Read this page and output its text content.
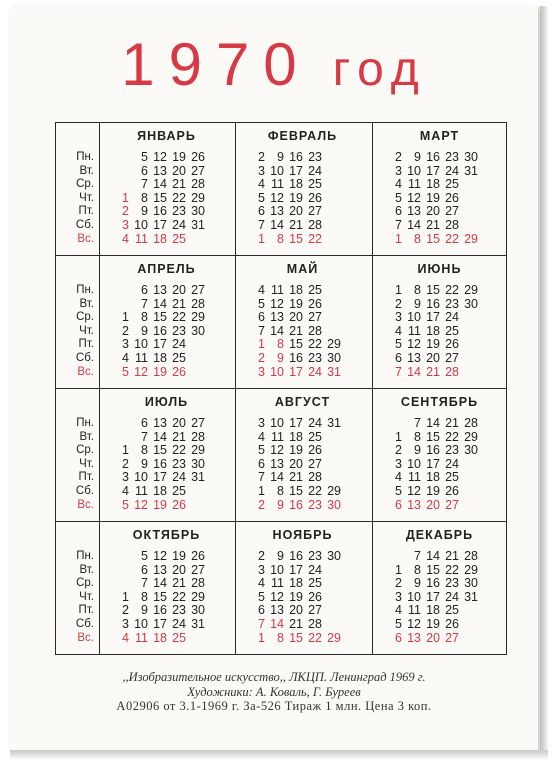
1970 год
Пн.
Вт.
Ср.
Чт.
Пт.
Сб.
Вс.
ЯНВАРЬ
5 12 19 26
6 13 20 27
7 14 21 28
1 8 15 22 29
2 9 16 23 30
3 10 17 24 31
4 11 18 25
ФЕВРАЛЬ
2 9 16 23
3 10 17 24
4 11 18 25
5 12 19 26
6 13 20 27
7 14 21 28
1 8 15 22
МАРТ
2 9 16 23 30
3 10 17 24 31
4 11 18 25
5 12 19 26
6 13 20 27
7 14 21 28
1 8 15 22 29
Пн.
Вт.
Ср.
Чт.
Пт.
Сб.
Вс.
АПРЕЛЬ
6 13 20 27
7 14 21 28
1 8 15 22 29
2 9 16 23 30
3 10 17 24
4 11 18 25
5 12 19 26
МАЙ
4 11 18 25
5 12 19 26
6 13 20 27
7 14 21 28
1 8 15 22 29
2 9 16 23 30
3 10 17 24 31
ИЮНЬ
1 8 15 22 29
2 9 16 23 30
3 10 17 24
4 11 18 25
5 12 19 26
6 13 20 27
7 14 21 28
Пн.
Вт.
Ср.
Чт.
Пт.
Сб.
Вс.
ИЮЛЬ
6 13 20 27
7 14 21 28
1 8 15 22 29
2 9 16 23 30
3 10 17 24 31
4 11 18 25
5 12 19 26
АВГУСТ
3 10 17 24 31
4 11 18 25
5 12 19 26
6 13 20 27
7 14 21 28
1 8 15 22 29
2 9 16 23 30
СЕНТЯБРЬ
7 14 21 28
1 8 15 22 29
2 9 16 23 30
3 10 17 24
4 11 18 25
5 12 19 26
6 13 20 27
Пн.
Вт.
Ср.
Чт.
Пт.
Сб.
Вс.
ОКТЯБРЬ
5 12 19 26
6 13 20 27
7 14 21 28
1 8 15 22 29
2 9 16 23 30
3 10 17 24 31
4 11 18 25
НОЯБРЬ
2 9 16 23 30
3 10 17 24
4 11 18 25
5 12 19 26
6 13 20 27
7 14 21 28
1 8 15 22 29
ДЕКАБРЬ
7 14 21 28
1 8 15 22 29
2 9 16 23 30
3 10 17 24 31
4 11 18 25
5 12 19 26
6 13 20 27
,,Изобразительное искусство,, ЛКЦП. Ленинград 1969 г.
Художники: А. Коваль, Г. Буреев
А02906 от 3.1-1969 г. За-526 Тираж 1 млн. Цена 3 коп.
